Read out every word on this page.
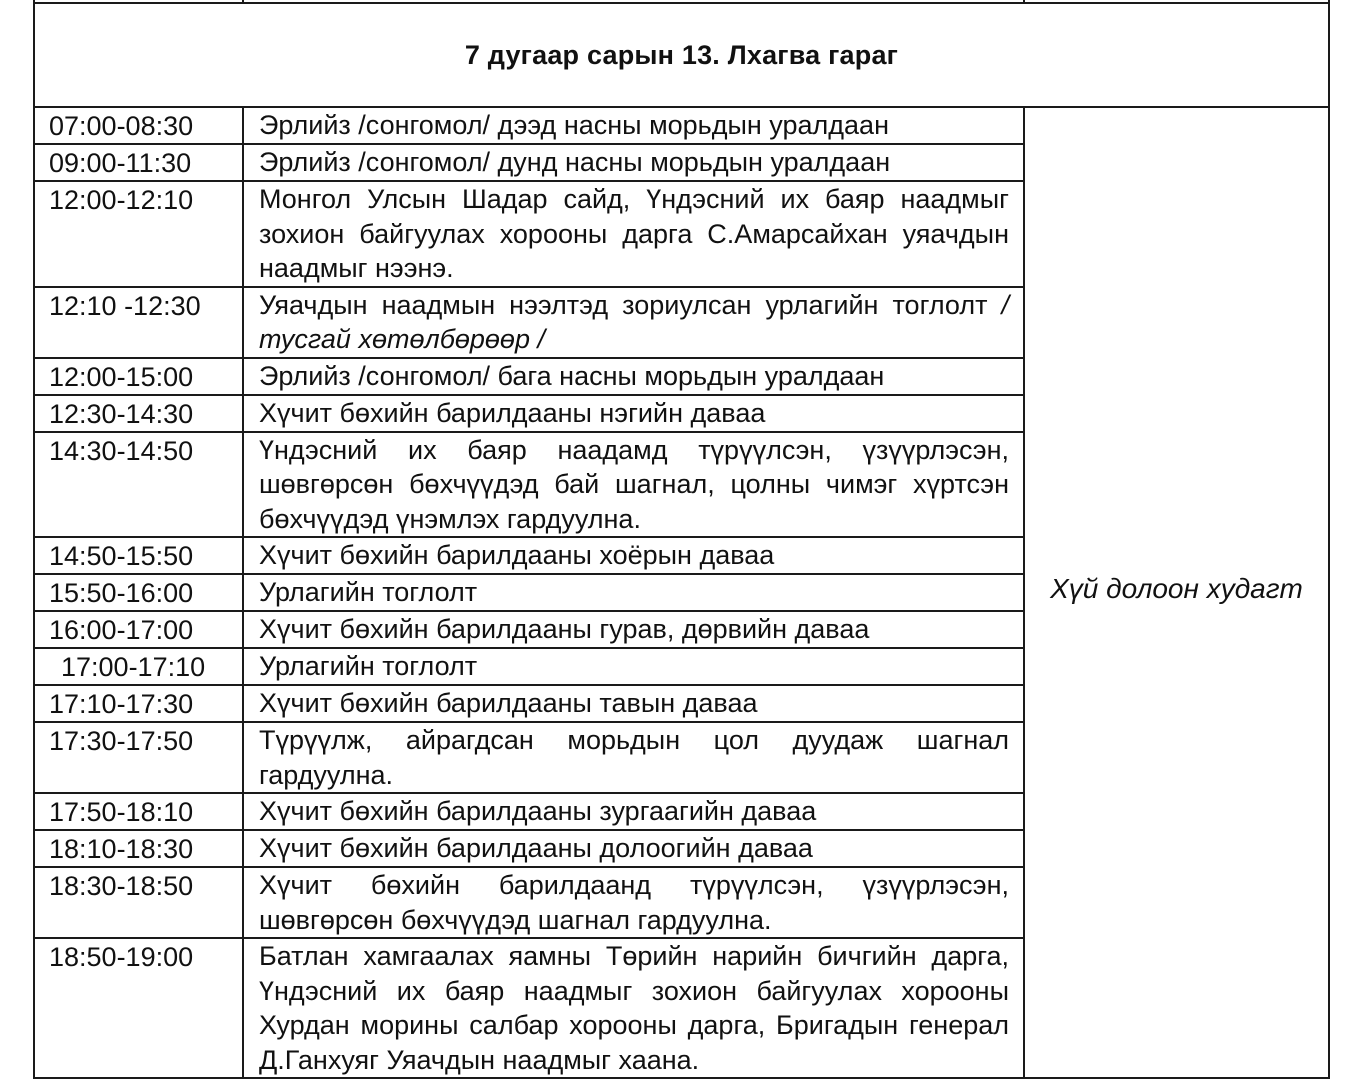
7 дугаар сарын 13. Лхагва гараг		
07:00-08:30	Эрлийз /сонгомол/ дээд насны морьдын уралдаан	Хүй долоон худагт
09:00-11:30	Эрлийз /сонгомол/ дунд насны морьдын уралдаан	
12:00-12:10	Монгол Улсын Шадар сайд, Үндэсний их баяр наадмыг зохион байгуулах хорооны дарга С.Амарсайхан уяачдын наадмыг нээнэ.	
12:10 -12:30	Уяачдын наадмын нээлтэд зориулсан урлагийн тоглолт / тусгай хөтөлбөрөөр /	
12:00-15:00	Эрлийз /сонгомол/ бага насны морьдын уралдаан	
12:30-14:30	Хүчит бөхийн барилдааны нэгийн даваа	
14:30-14:50	Үндэсний их баяр наадамд түрүүлсэн, үзүүрлэсэн, шөвгөрсөн бөхчүүдэд бай шагнал, цолны чимэг хүртсэн бөхчүүдэд үнэмлэх гардуулна.	
14:50-15:50	Хүчит бөхийн барилдааны хоёрын даваа	
15:50-16:00	Урлагийн тоглолт	
16:00-17:00	Хүчит бөхийн барилдааны гурав, дөрвийн даваа	
17:00-17:10	Урлагийн тоглолт	
17:10-17:30	Хүчит бөхийн барилдааны тавын даваа	
17:30-17:50	Түрүүлж, айрагдсан морьдын цол дуудаж шагнал гардуулна.	
17:50-18:10	Хүчит бөхийн барилдааны зургаагийн даваа	
18:10-18:30	Хүчит бөхийн барилдааны долоогийн даваа	
18:30-18:50	Хүчит бөхийн барилдаанд түрүүлсэн, үзүүрлэсэн, шөвгөрсөн бөхчүүдэд шагнал гардуулна.	
18:50-19:00	Батлан хамгаалах яамны Төрийн нарийн бичгийн дарга, Үндэсний их баяр наадмыг зохион байгуулах хорооны Хурдан морины салбар хорооны дарга, Бригадын генерал Д.Ганхуяг Уяачдын наадмыг хаана.	
